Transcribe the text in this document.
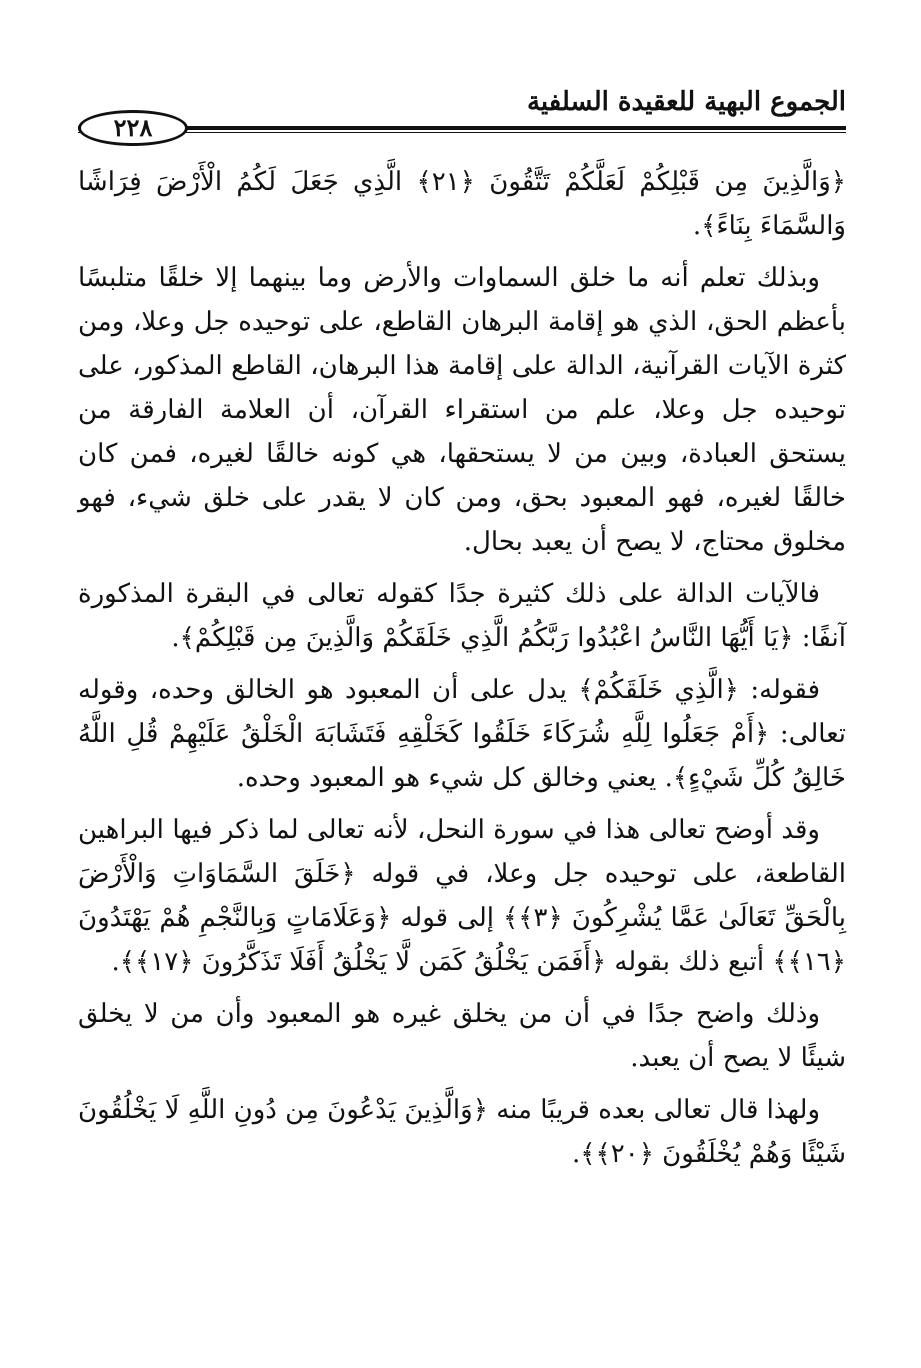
الجموع البهية للعقيدة السلفية
٢٢٨

﴿وَالَّذِينَ مِن قَبْلِكُمْ لَعَلَّكُمْ تَتَّقُونَ ﴿٢١﴾ الَّذِي جَعَلَ لَكُمُ الْأَرْضَ فِرَاشًا وَالسَّمَاءَ بِنَاءً﴾.

وبذلك تعلم أنه ما خلق السماوات والأرض وما بينهما إلا خلقًا متلبسًا بأعظم الحق، الذي هو إقامة البرهان القاطع، على توحيده جل وعلا، ومن كثرة الآيات القرآنية، الدالة على إقامة هذا البرهان، القاطع المذكور، على توحيده جل وعلا، علم من استقراء القرآن، أن العلامة الفارقة من يستحق العبادة، وبين من لا يستحقها، هي كونه خالقًا لغيره، فمن كان خالقًا لغيره، فهو المعبود بحق، ومن كان لا يقدر على خلق شيء، فهو مخلوق محتاج، لا يصح أن يعبد بحال.

فالآيات الدالة على ذلك كثيرة جدًا كقوله تعالى في البقرة المذكورة آنفًا: ﴿يَا أَيُّهَا النَّاسُ اعْبُدُوا رَبَّكُمُ الَّذِي خَلَقَكُمْ وَالَّذِينَ مِن قَبْلِكُمْ﴾.

فقوله: ﴿الَّذِي خَلَقَكُمْ﴾ يدل على أن المعبود هو الخالق وحده، وقوله تعالى: ﴿أَمْ جَعَلُوا لِلَّهِ شُرَكَاءَ خَلَقُوا كَخَلْقِهِ فَتَشَابَهَ الْخَلْقُ عَلَيْهِمْ قُلِ اللَّهُ خَالِقُ كُلِّ شَيْءٍ﴾. يعني وخالق كل شيء هو المعبود وحده.

وقد أوضح تعالى هذا في سورة النحل، لأنه تعالى لما ذكر فيها البراهين القاطعة، على توحيده جل وعلا، في قوله ﴿خَلَقَ السَّمَاوَاتِ وَالْأَرْضَ بِالْحَقِّ تَعَالَىٰ عَمَّا يُشْرِكُونَ ﴿٣﴾﴾ إلى قوله ﴿وَعَلَامَاتٍ وَبِالنَّجْمِ هُمْ يَهْتَدُونَ ﴿١٦﴾﴾ أتبع ذلك بقوله ﴿أَفَمَن يَخْلُقُ كَمَن لَّا يَخْلُقُ أَفَلَا تَذَكَّرُونَ ﴿١٧﴾﴾.

وذلك واضح جدًا في أن من يخلق غيره هو المعبود وأن من لا يخلق شيئًا لا يصح أن يعبد.

ولهذا قال تعالى بعده قريبًا منه ﴿وَالَّذِينَ يَدْعُونَ مِن دُونِ اللَّهِ لَا يَخْلُقُونَ شَيْئًا وَهُمْ يُخْلَقُونَ ﴿٢٠﴾﴾.
